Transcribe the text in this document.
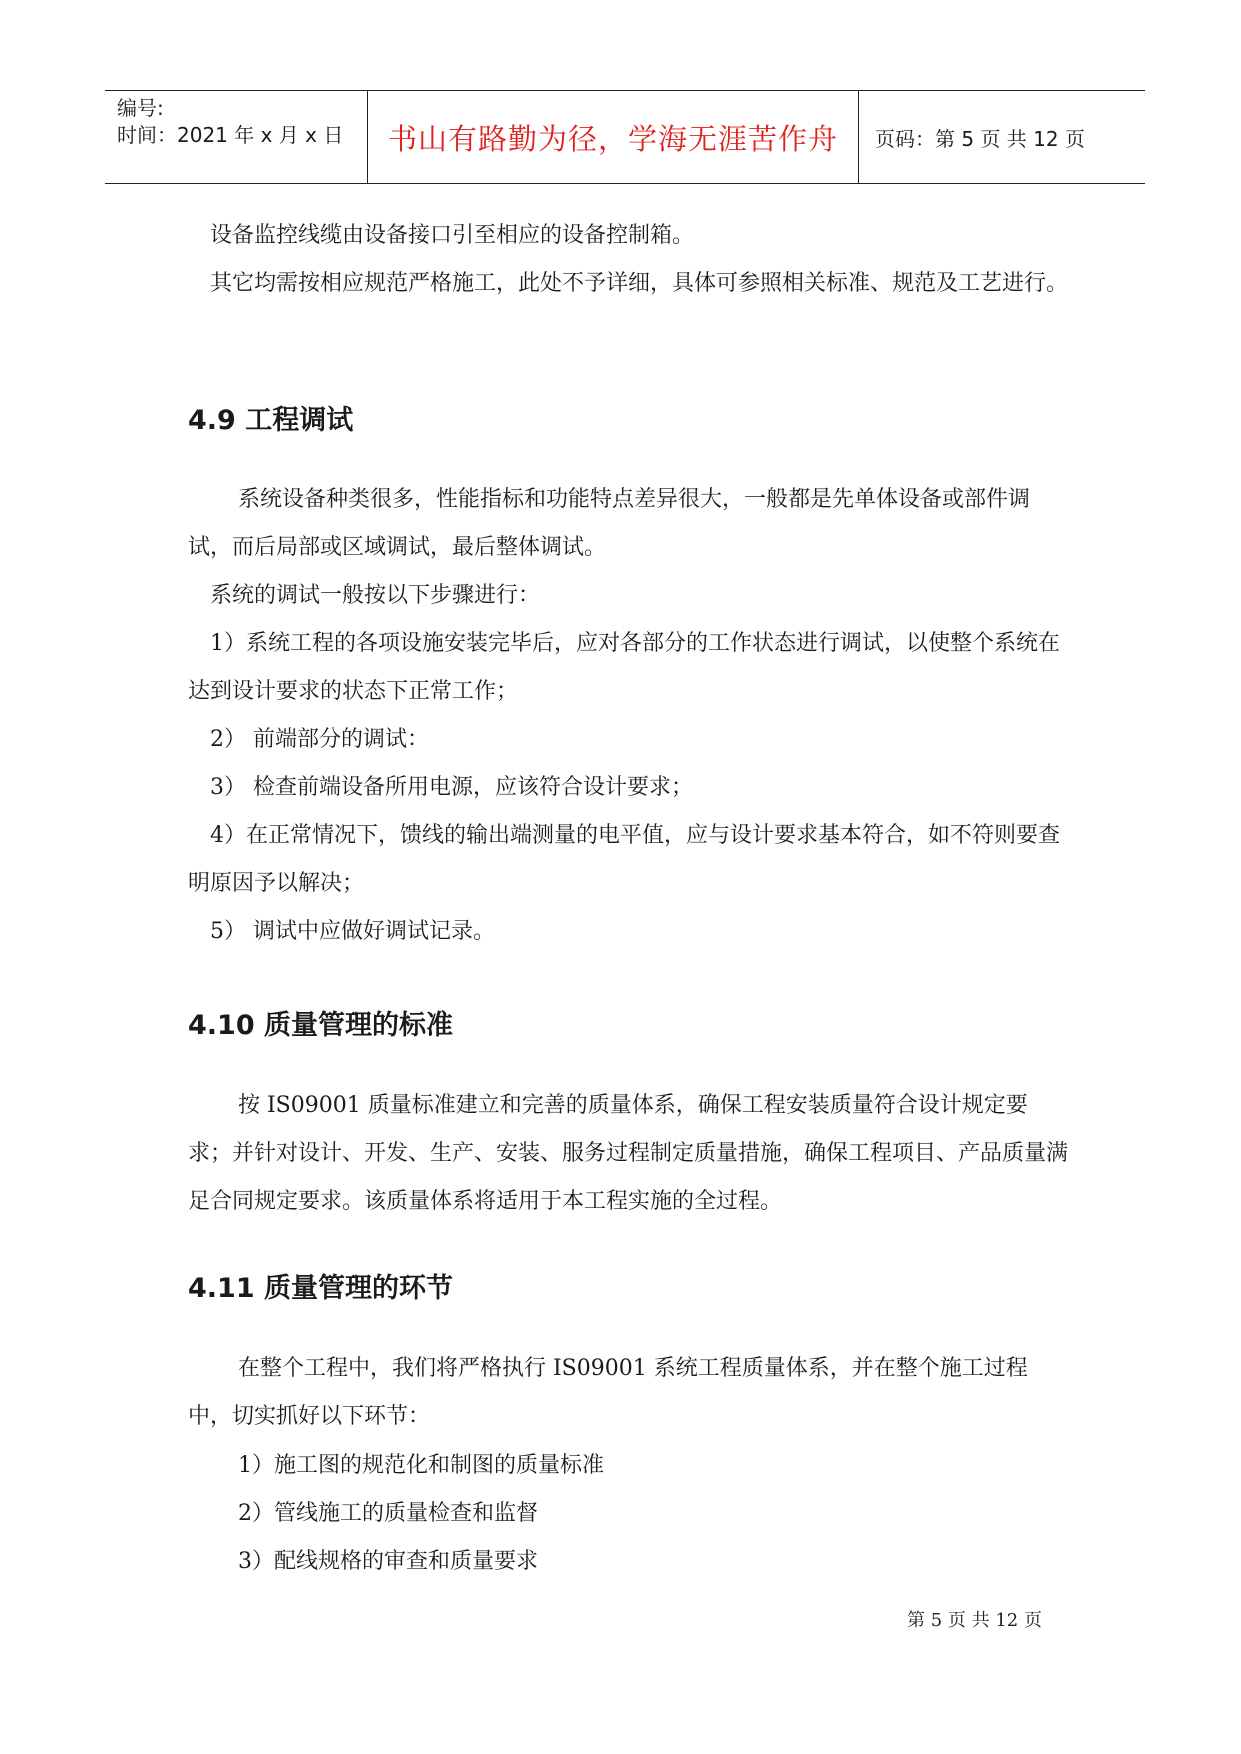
编号:
时间：2021 年 x 月 x 日	书山有路勤为径，学海无涯苦作舟	页码：第 5 页 共 12 页
设备监控线缆由设备接口引至相应的设备控制箱。
其它均需按相应规范严格施工，此处不予详细，具体可参照相关标准、规范及工艺进行。
4.9 工程调试
系统设备种类很多，性能指标和功能特点差异很大，一般都是先单体设备或部件调试，而后局部或区域调试，最后整体调试。
系统的调试一般按以下步骤进行：
1）系统工程的各项设施安装完毕后，应对各部分的工作状态进行调试，以使整个系统在达到设计要求的状态下正常工作；
2） 前端部分的调试：
3） 检查前端设备所用电源，应该符合设计要求；
4）在正常情况下，馈线的输出端测量的电平值，应与设计要求基本符合，如不符则要查明原因予以解决；
5） 调试中应做好调试记录。
4.10 质量管理的标准
按 IS09001 质量标准建立和完善的质量体系，确保工程安装质量符合设计规定要求；并针对设计、开发、生产、安装、服务过程制定质量措施，确保工程项目、产品质量满足合同规定要求。该质量体系将适用于本工程实施的全过程。
4.11 质量管理的环节
在整个工程中，我们将严格执行 IS09001 系统工程质量体系，并在整个施工过程中，切实抓好以下环节：
1）施工图的规范化和制图的质量标准
2）管线施工的质量检查和监督
3）配线规格的审查和质量要求
第 5 页 共 12 页
